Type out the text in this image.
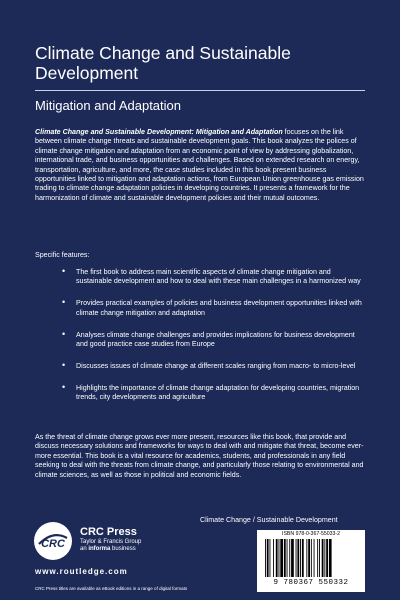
Climate Change and Sustainable Development
Mitigation and Adaptation

Climate Change and Sustainable Development: Mitigation and Adaptation focuses on the link between climate change threats and sustainable development goals. This book analyzes the polices of climate change mitigation and adaptation from an economic point of view by addressing globalization, international trade, and business opportunities and challenges. Based on extended research on energy, transportation, agriculture, and more, the case studies included in this book present business opportunities linked to mitigation and adaptation actions, from European Union greenhouse gas emission trading to climate change adaptation policies in developing countries. It presents a framework for the harmonization of climate and sustainable development policies and their mutual outcomes.

Specific features:

• The first book to address main scientific aspects of climate change mitigation and sustainable development and how to deal with these main challenges in a harmonized way
• Provides practical examples of policies and business development opportunities linked with climate change mitigation and adaptation
• Analyses climate change challenges and provides implications for business development and good practice case studies from Europe
• Discusses issues of climate change at different scales ranging from macro- to micro-level
• Highlights the importance of climate change adaptation for developing countries, migration trends, city developments and agriculture

As the threat of climate change grows ever more present, resources like this book, that provide and discuss necessary solutions and frameworks for ways to deal with and mitigate that threat, become ever-more essential. This book is a vital resource for academics, students, and professionals in any field seeking to deal with the threats from climate change, and particularly those relating to environmental and climate sciences, as well as those in political and economic fields.

Climate Change / Sustainable Development

CRC
CRC Press
Taylor & Francis Group
an informa business
www.routledge.com
CRC Press titles are available as eBook editions in a range of digital formats
ISBN 978-0-367-55033-2
9 780367 550332
